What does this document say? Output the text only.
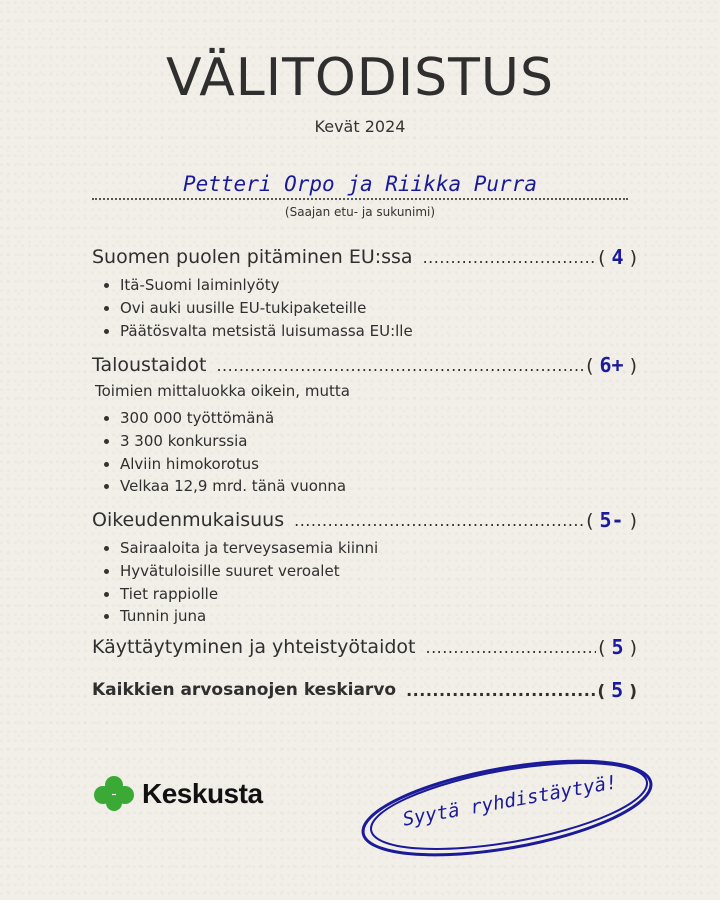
VÄLITODISTUS
Kevät 2024
Petteri Orpo ja Riikka Purra
(Saajan etu- ja sukunimi)
Suomen puolen pitäminen EU:ssa .....	( 4 )
Itä-Suomi laiminlyöty
Ovi auki uusille EU-tukipaketeille
Päätösvalta metsistä luisumassa EU:lle
Taloustaidot .....	( 6+ )
Toimien mittaluokka oikein, mutta
300 000 työttömänä
3 300 konkurssia
Alviin himokorotus
Velkaa 12,9 mrd. tänä vuonna
Oikeudenmukaisuus .....	( 5- )
Sairaaloita ja terveysasemia kiinni
Hyvätuloisille suuret veroalet
Tiet rappiolle
Tunnin juna
Käyttäytyminen ja yhteistyötaidot .....	( 5 )
Kaikkien arvosanojen keskiarvo .....	( 5 )
Keskusta	Syytä ryhdistäytyä!
